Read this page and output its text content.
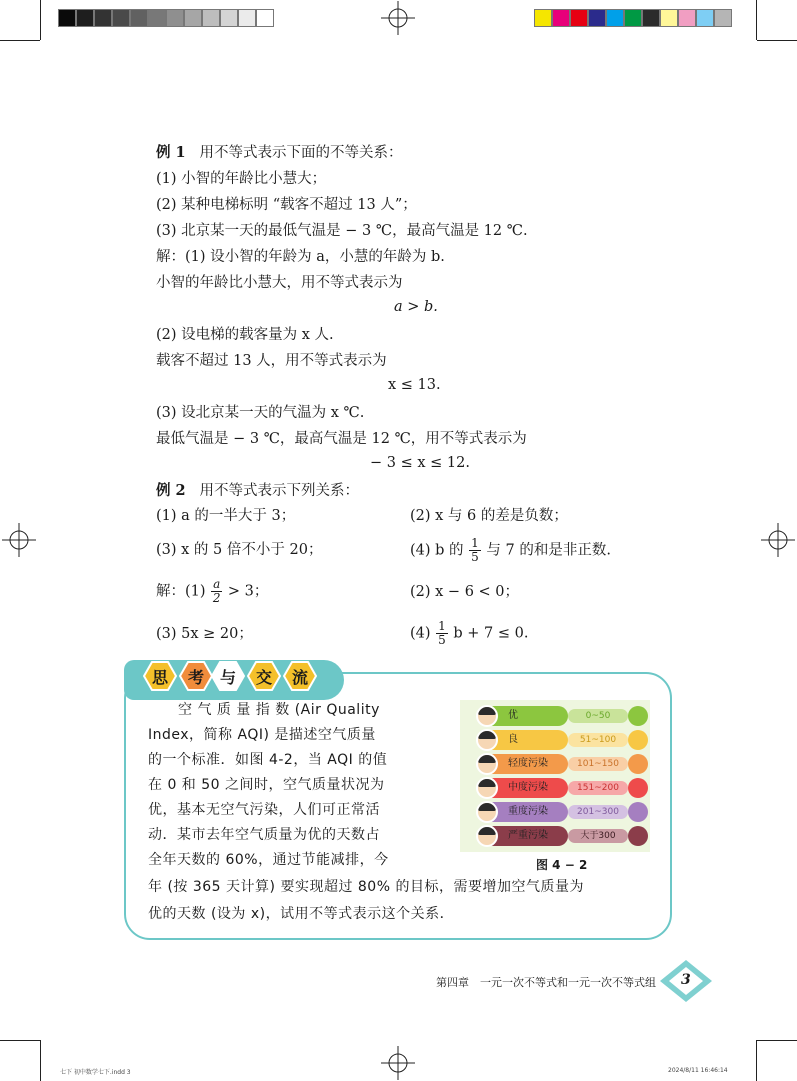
例 1 用不等式表示下面的不等关系：
(1) 小智的年龄比小慧大；
(2) 某种电梯标明 “载客不超过 13 人”；
(3) 北京某一天的最低气温是 − 3 ℃，最高气温是 12 ℃.
解：(1) 设小智的年龄为 a，小慧的年龄为 b.
小智的年龄比小慧大，用不等式表示为
a > b.
(2) 设电梯的载客量为 x 人.
载客不超过 13 人，用不等式表示为
x ≤ 13.
(3) 设北京某一天的气温为 x ℃.
最低气温是 − 3 ℃，最高气温是 12 ℃，用不等式表示为
− 3 ≤ x ≤ 12.
例 2 用不等式表示下列关系：
(1) a 的一半大于 3；	(2) x 与 6 的差是负数；
(3) x 的 5 倍不小于 20；	(4) b 的 $\frac{1}{5}$ 与 7 的和是非正数.
解：$(1) \frac{a}{2} > 3$；	(2) x − 6 < 0；
(3) 5x ≥ 20；	$(4) \frac{1}{5}$ b + 7 ≤ 0.
思 考 与 交 流
空 气 质 量 指 数 (Air Quality
Index，简称 AQI) 是描述空气质量
的一个标准．如图 4-2，当 AQI 的值
在 0 和 50 之间时，空气质量状况为
优，基本无空气污染，人们可正常活
动．某市去年空气质量为优的天数占
全年天数的 60%，通过节能减排，今
年 (按 365 天计算) 要实现超过 80% 的目标，需要增加空气质量为
优的天数 (设为 x)，试用不等式表示这个关系．
优	0~50
良	51~100
轻度污染	101~150
中度污染	151~200
重度污染	201~300
严重污染	大于300
图 4 − 2
第四章　一元一次不等式和一元一次不等式组 3
七下 初中数学七下.indd 3	2024/8/11 16:46:14
